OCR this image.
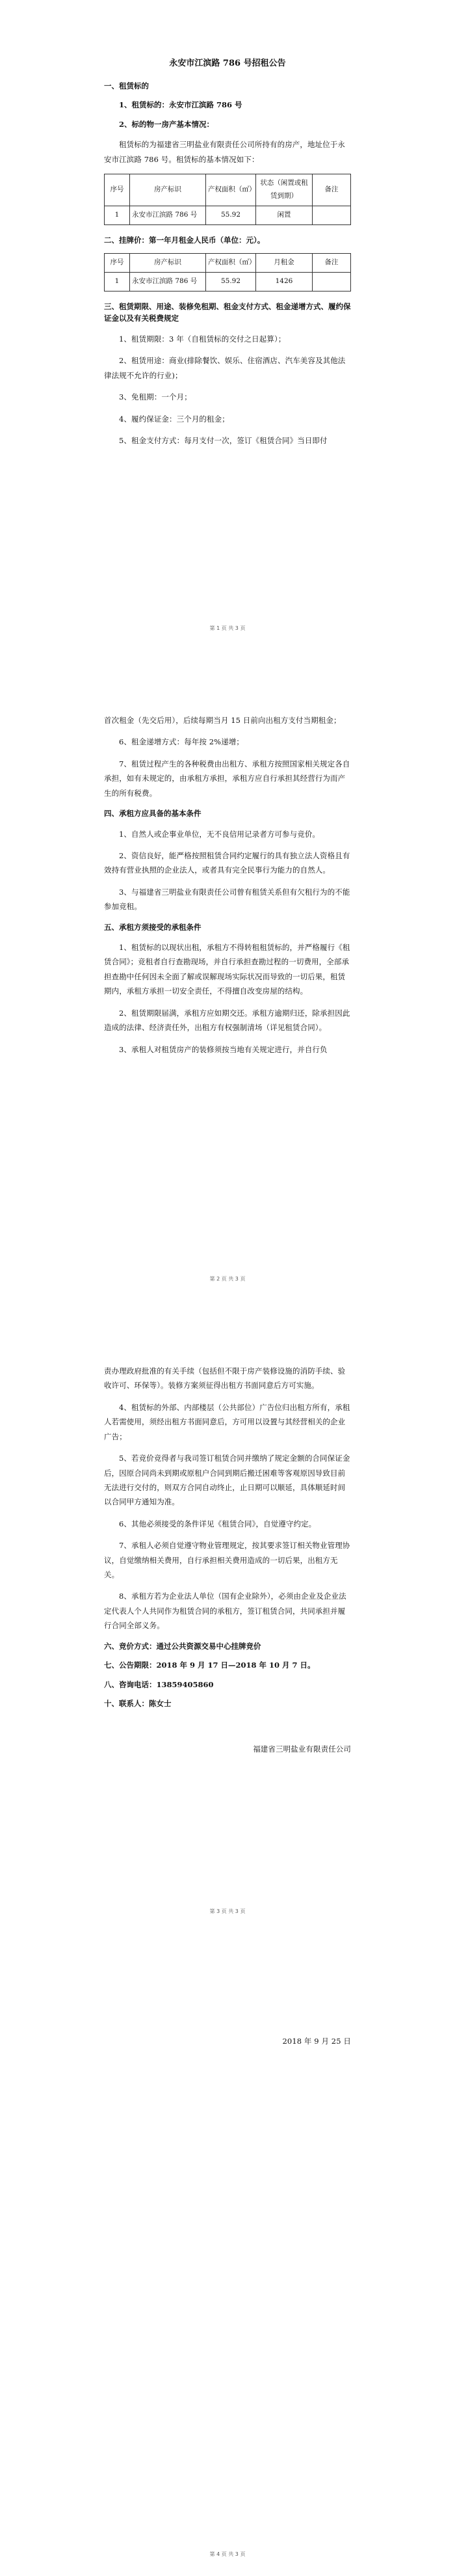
永安市江滨路 786 号招租公告

一、租赁标的

1、租赁标的：永安市江滨路 786 号

2、标的物一房产基本情况：

租赁标的为福建省三明盐业有限责任公司所持有的房产，地址位于永安市江滨路 786 号。租赁标的基本情况如下：

序号	房产标识	产权面积（㎡）	状态（闲置或租赁到期）	备注
1	永安市江滨路 786 号	55.92	闲置	

二、挂牌价：第一年月租金人民币（单位：元）。

序号	房产标识	产权面积（㎡）	月租金	备注
1	永安市江滨路 786 号	55.92	1426	

三、租赁期限、用途、装修免租期、租金支付方式、租金递增方式、履约保证金以及有关税费规定

1、租赁期限：3 年（自租赁标的交付之日起算）；

2、租赁用途：商业(排除餐饮、娱乐、住宿酒店、汽车美容及其他法律法规不允许的行业)；

3、免租期：一个月；

4、履约保证金：三个月的租金；

5、租金支付方式：每月支付一次，签订《租赁合同》当日即付

第 1 页 共 3 页

首次租金（先交后用），后续每期当月 15 日前向出租方支付当期租金；

6、租金递增方式：每年按 2%递增；

7、租赁过程产生的各种税费由出租方、承租方按照国家相关规定各自承担，如有未规定的，由承租方承担，承租方应自行承担其经营行为而产生的所有税费。

四、承租方应具备的基本条件

1、自然人或企事业单位，无不良信用记录者方可参与竞价。

2、资信良好，能严格按照租赁合同约定履行的具有独立法人资格且有效持有营业执照的企业法人，或者具有完全民事行为能力的自然人。

3、与福建省三明盐业有限责任公司曾有租赁关系但有欠租行为的不能参加竞租。

五、承租方须接受的承租条件

1、租赁标的以现状出租，承租方不得转租租赁标的，并严格履行《租赁合同》；竞租者自行查勘现场，并自行承担查勘过程的一切费用，全部承担查勘中任何因未全面了解或误解现场实际状况而导致的一切后果，租赁期内，承租方承担一切安全责任，不得擅自改变房屋的结构。

2、租赁期限届满，承租方应如期交还。承租方逾期归还，除承担因此造成的法律、经济责任外，出租方有权强制清场（详见租赁合同）。

3、承租人对租赁房产的装修须按当地有关规定进行，并自行负

第 2 页 共 3 页

责办理政府批准的有关手续（包括但不限于房产装修设施的消防手续、验收许可、环保等）。装修方案须征得出租方书面同意后方可实施。

4、租赁标的外部、内部楼层（公共部位）广告位归出租方所有，承租人若需使用，须经出租方书面同意后，方可用以设置与其经营相关的企业广告；

5、若竞价竞得者与我司签订租赁合同并缴纳了规定金额的合同保证金后，因原合同尚未到期或原租户合同到期后搬迁困难等客观原因导致目前无法进行交付的，则双方合同自动终止，止日期可以顺延，具体顺延时间以合同甲方通知为准。

6、其他必须接受的条件详见《租赁合同》，自觉遵守约定。

7、承租人必须自觉遵守物业管理规定，按其要求签订相关物业管理协议，自觉缴纳相关费用，自行承担相关费用造成的一切后果，出租方无关。

8、承租方若为企业法人单位（国有企业除外），必须由企业及企业法定代表人个人共同作为租赁合同的承租方，签订租赁合同，共同承担并履行合同全部义务。

六、竞价方式：通过公共资源交易中心挂牌竞价

七、公告期限：2018 年 9 月 17 日—2018 年 10 月 7 日。

八、咨询电话：13859405860

十、联系人：陈女士

福建省三明盐业有限责任公司

第 3 页 共 3 页

2018 年 9 月 25 日

第 4 页 共 3 页
